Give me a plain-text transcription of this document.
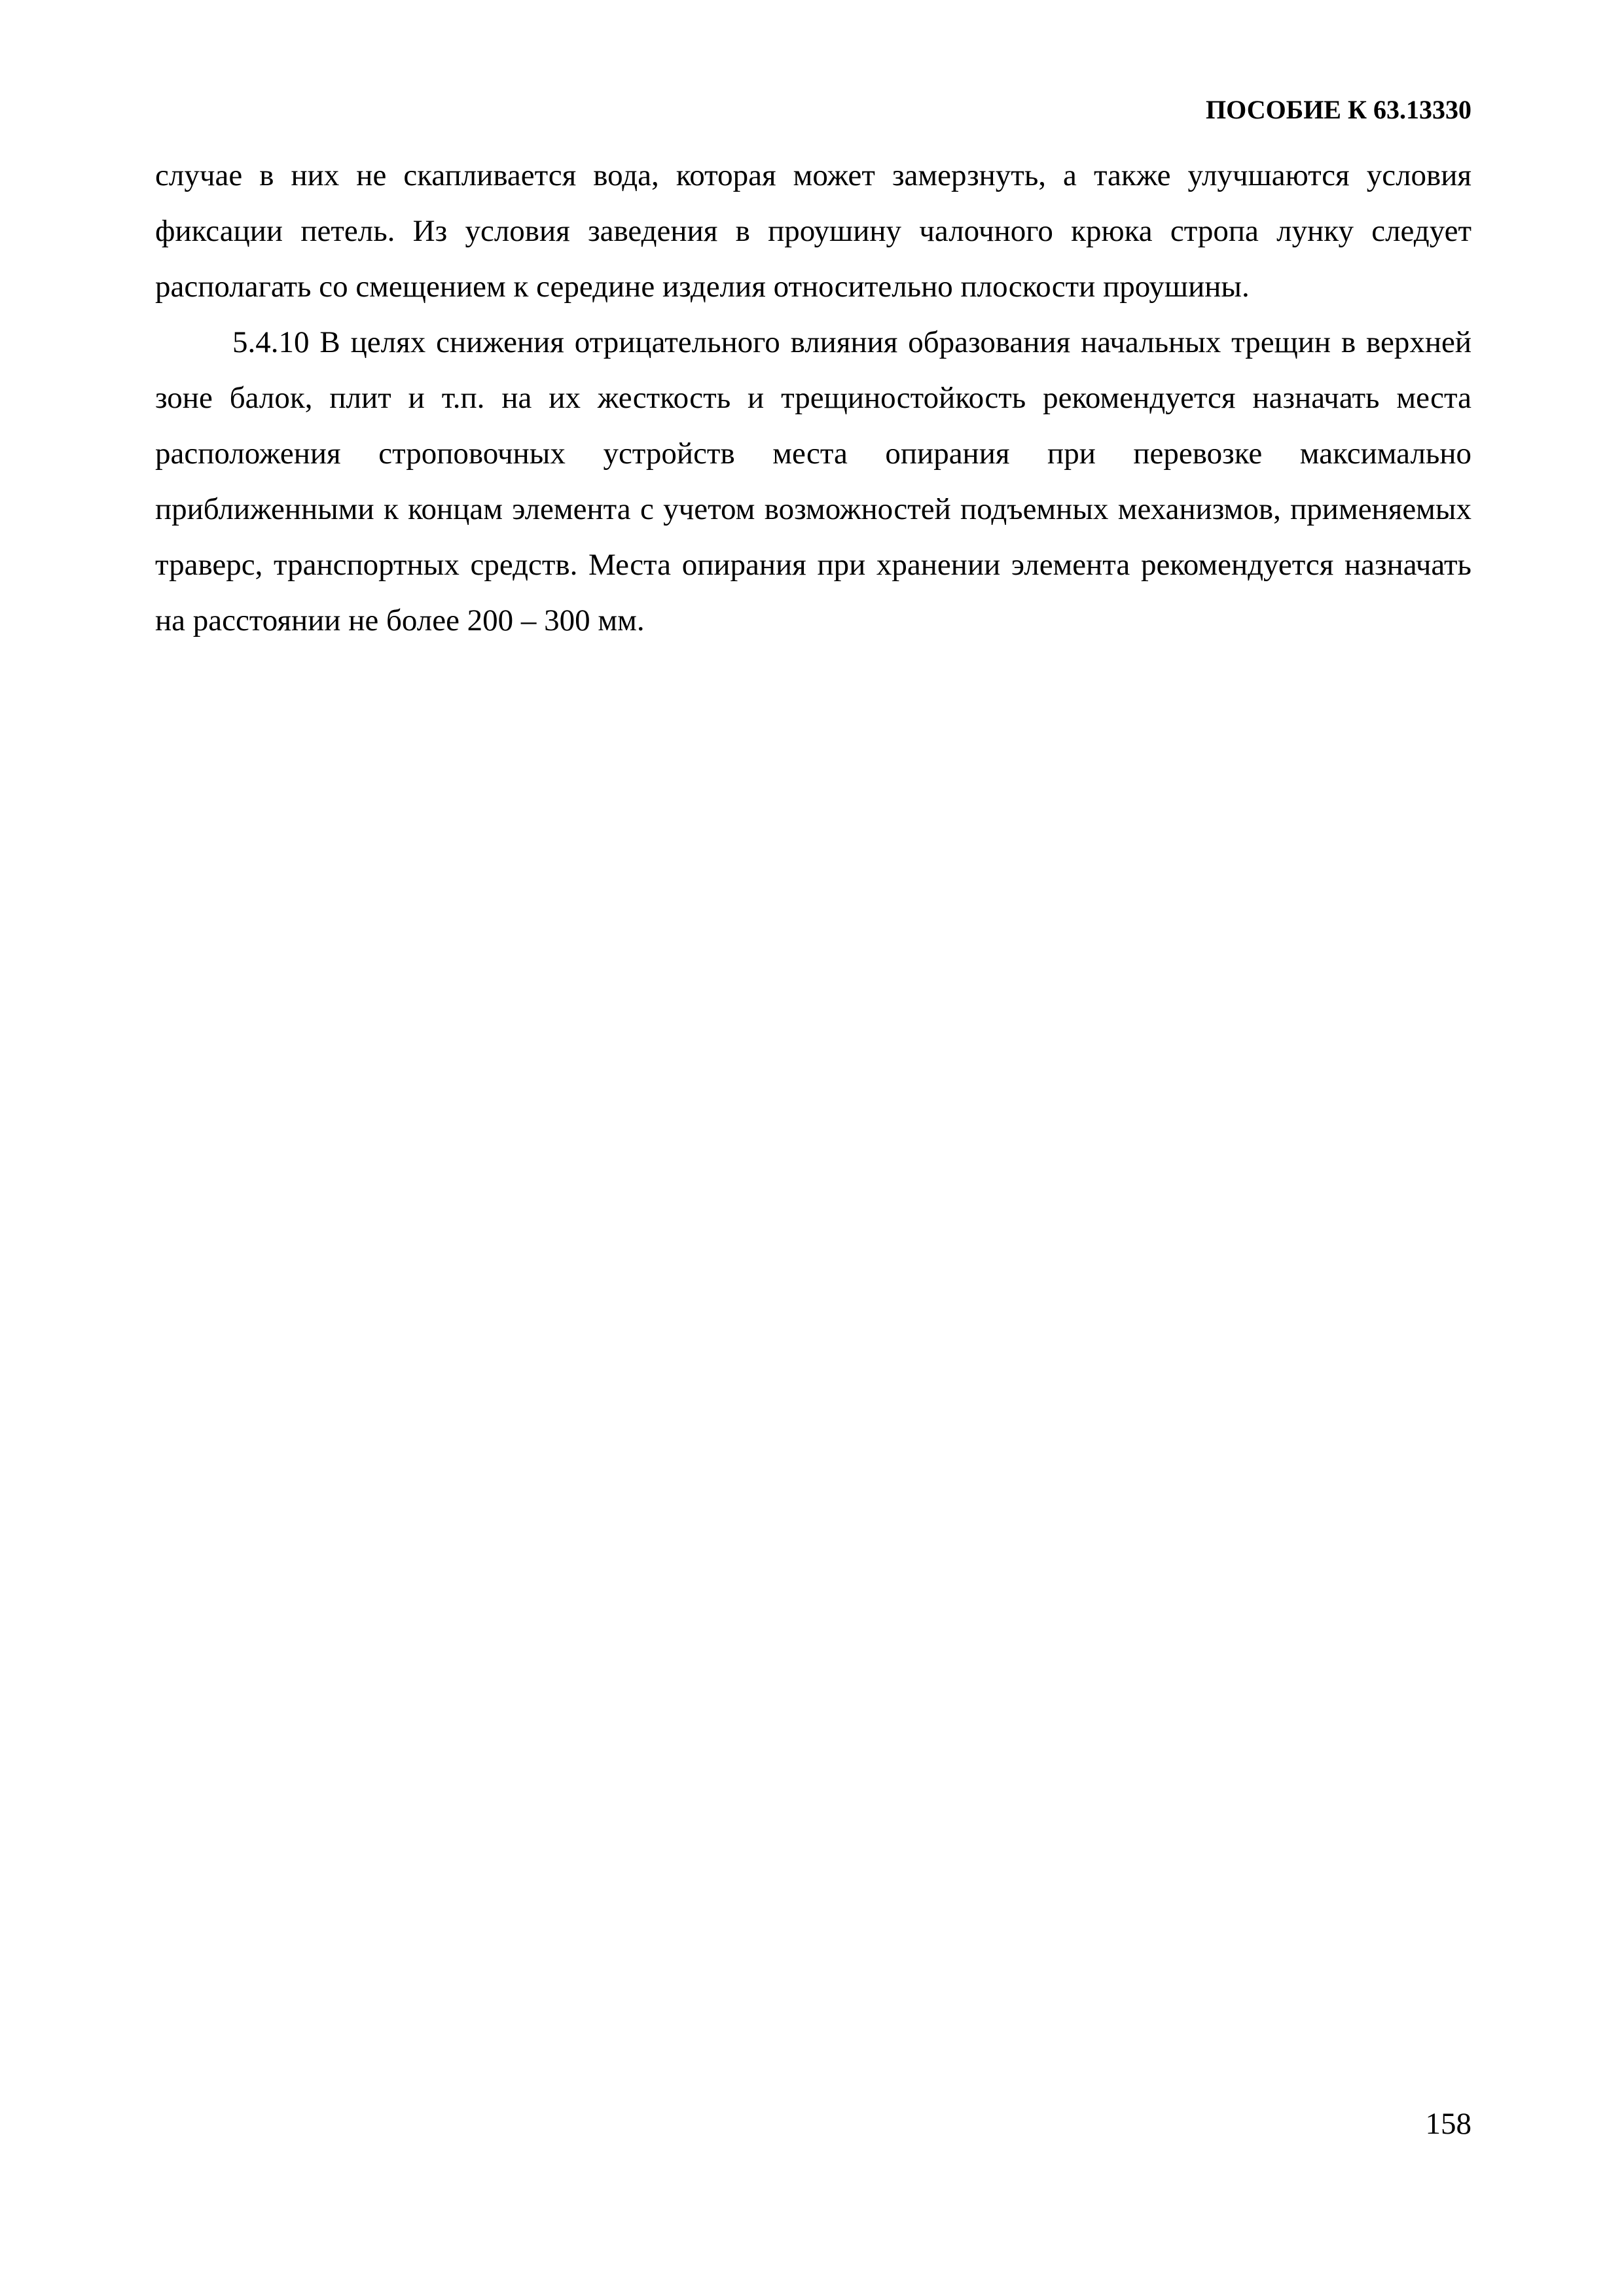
ПОСОБИЕ К 63.13330

случае в них не скапливается вода, которая может замерзнуть, а также улучшаются условия фиксации петель. Из условия заведения в проушину чалочного крюка стропа лунку следует располагать со смещением к середине изделия относительно плоскости проушины.

5.4.10 В целях снижения отрицательного влияния образования начальных трещин в верхней зоне балок, плит и т.п. на их жесткость и трещиностойкость рекомендуется назначать места расположения строповочных устройств места опирания при перевозке максимально приближенными к концам элемента с учетом возможностей подъемных механизмов, применяемых траверс, транспортных средств. Места опирания при хранении элемента рекомендуется назначать на расстоянии не более 200 – 300 мм.

158
